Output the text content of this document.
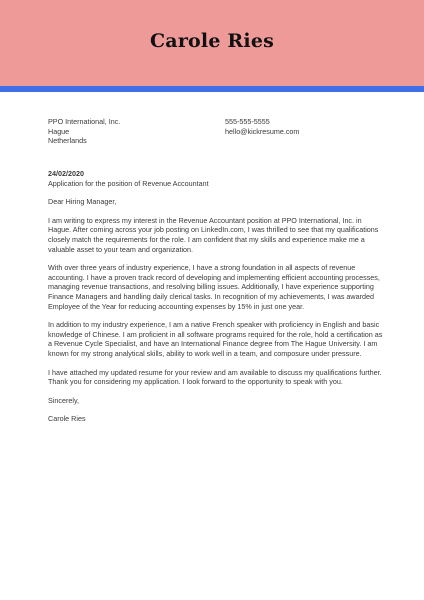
Carole Ries
PPO International, Inc.
Hague
Netherlands
555-555-5555
hello@kickresume.com
24/02/2020
Application for the position of Revenue Accountant
Dear Hiring Manager,
I am writing to express my interest in the Revenue Accountant position at PPO International, Inc. in Hague. After coming across your job posting on LinkedIn.com, I was thrilled to see that my qualifications closely match the requirements for the role. I am confident that my skills and experience make me a valuable asset to your team and organization.
With over three years of industry experience, I have a strong foundation in all aspects of revenue accounting. I have a proven track record of developing and implementing efficient accounting processes, managing revenue transactions, and resolving billing issues. Additionally, I have experience supporting Finance Managers and handling daily clerical tasks. In recognition of my achievements, I was awarded Employee of the Year for reducing accounting expenses by 15% in just one year.
In addition to my industry experience, I am a native French speaker with proficiency in English and basic knowledge of Chinese. I am proficient in all software programs required for the role, hold a certification as a Revenue Cycle Specialist, and have an International Finance degree from The Hague University. I am known for my strong analytical skills, ability to work well in a team, and composure under pressure.
I have attached my updated resume for your review and am available to discuss my qualifications further. Thank you for considering my application. I look forward to the opportunity to speak with you.
Sincerely,
Carole Ries
